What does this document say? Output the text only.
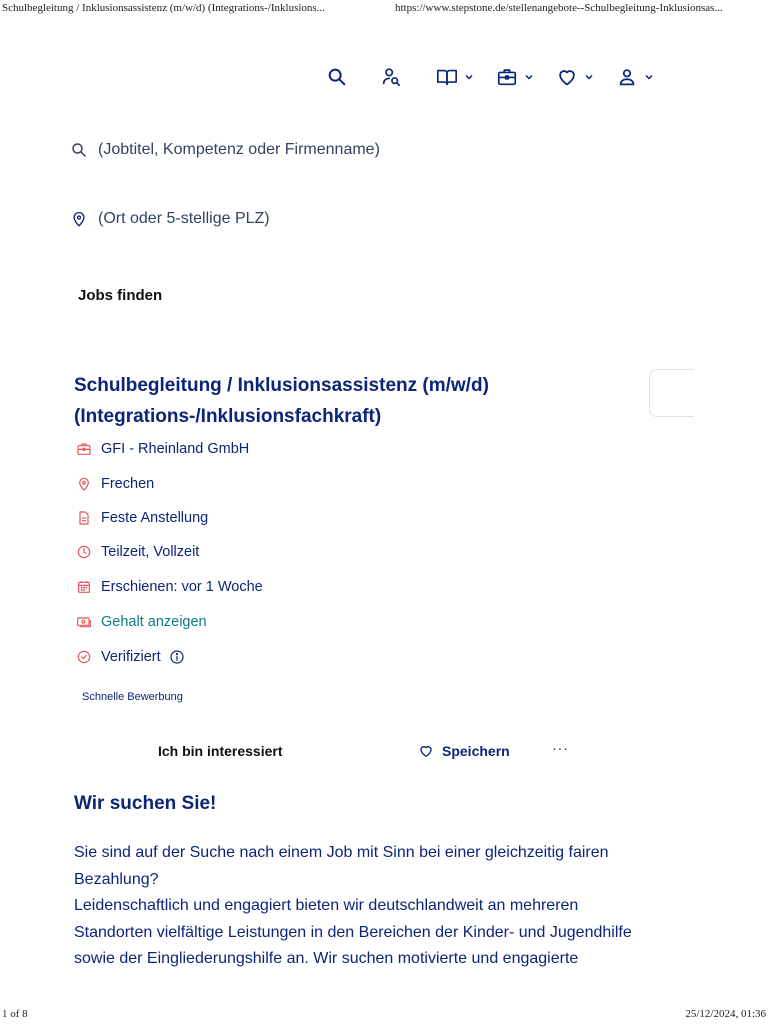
Schulbegleitung / Inklusionsassistenz (m/w/d) (Integrations-/Inklusions...	https://www.stepstone.de/stellenangebote--Schulbegleitung-Inklusionsas...
(Jobtitel, Kompetenz oder Firmenname)
(Ort oder 5-stellige PLZ)
Jobs finden
Schulbegleitung / Inklusionsassistenz (m/w/d) (Integrations-/Inklusionsfachkraft)
GFI - Rheinland GmbH
Frechen
Feste Anstellung
Teilzeit, Vollzeit
Erschienen: vor 1 Woche
Gehalt anzeigen
Verifiziert
Schnelle Bewerbung
Ich bin interessiert	Speichern	···
Wir suchen Sie!

Sie sind auf der Suche nach einem Job mit Sinn bei einer gleichzeitig fairen
Bezahlung?
Leidenschaftlich und engagiert bieten wir deutschlandweit an mehreren
Standorten vielfältige Leistungen in den Bereichen der Kinder- und Jugendhilfe
sowie der Eingliederungshilfe an. Wir suchen motivierte und engagierte

1 of 8	25/12/2024, 01:36
